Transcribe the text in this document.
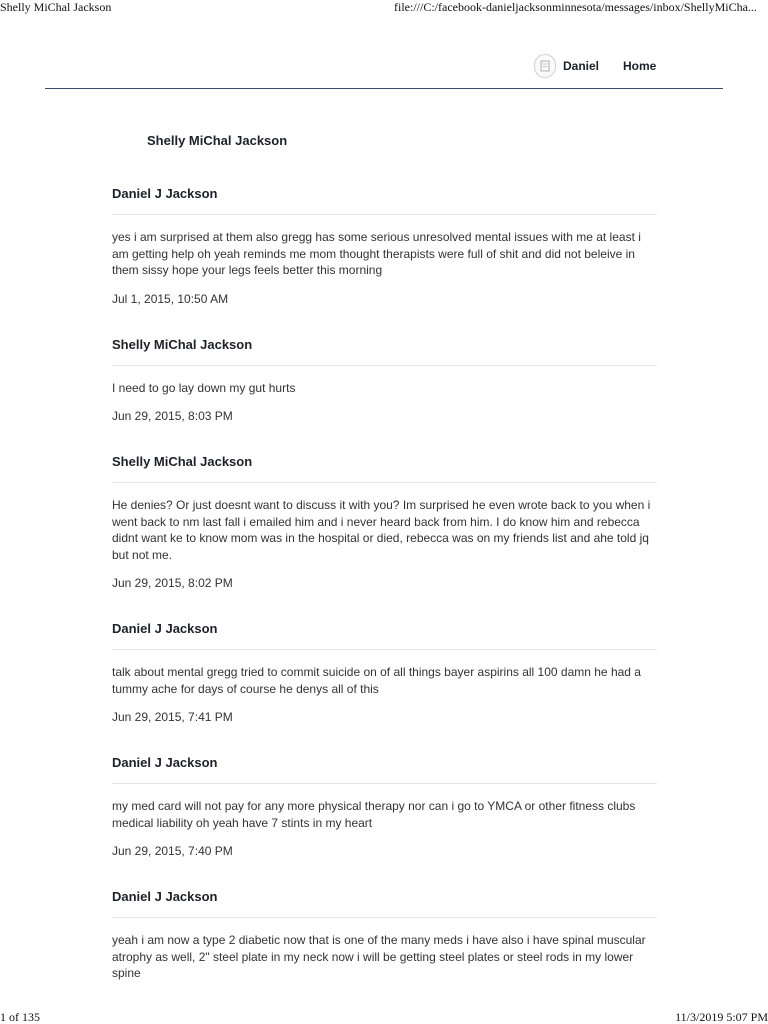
Shelly MiChal Jackson	file:///C:/facebook-danieljacksonminnesota/messages/inbox/ShellyMiCha...
Daniel Home
Shelly MiChal Jackson
Daniel J Jackson
yes i am surprised at them also gregg has some serious unresolved mental issues with me at least i am getting help oh yeah reminds me mom thought therapists were full of shit and did not beleive in them sissy hope your legs feels better this morning
Jul 1, 2015, 10:50 AM
Shelly MiChal Jackson
I need to go lay down my gut hurts
Jun 29, 2015, 8:03 PM
Shelly MiChal Jackson
He denies? Or just doesnt want to discuss it with you? Im surprised he even wrote back to you when i went back to nm last fall i emailed him and i never heard back from him. I do know him and rebecca didnt want ke to know mom was in the hospital or died, rebecca was on my friends list and ahe told jq but not me.
Jun 29, 2015, 8:02 PM
Daniel J Jackson
talk about mental gregg tried to commit suicide on of all things bayer aspirins all 100 damn he had a tummy ache for days of course he denys all of this
Jun 29, 2015, 7:41 PM
Daniel J Jackson
my med card will not pay for any more physical therapy nor can i go to YMCA or other fitness clubs medical liability oh yeah have 7 stints in my heart
Jun 29, 2015, 7:40 PM
Daniel J Jackson
yeah i am now a type 2 diabetic now that is one of the many meds i have also i have spinal muscular atrophy as well, 2" steel plate in my neck now i will be getting steel plates or steel rods in my lower spine
1 of 135	11/3/2019 5:07 PM
